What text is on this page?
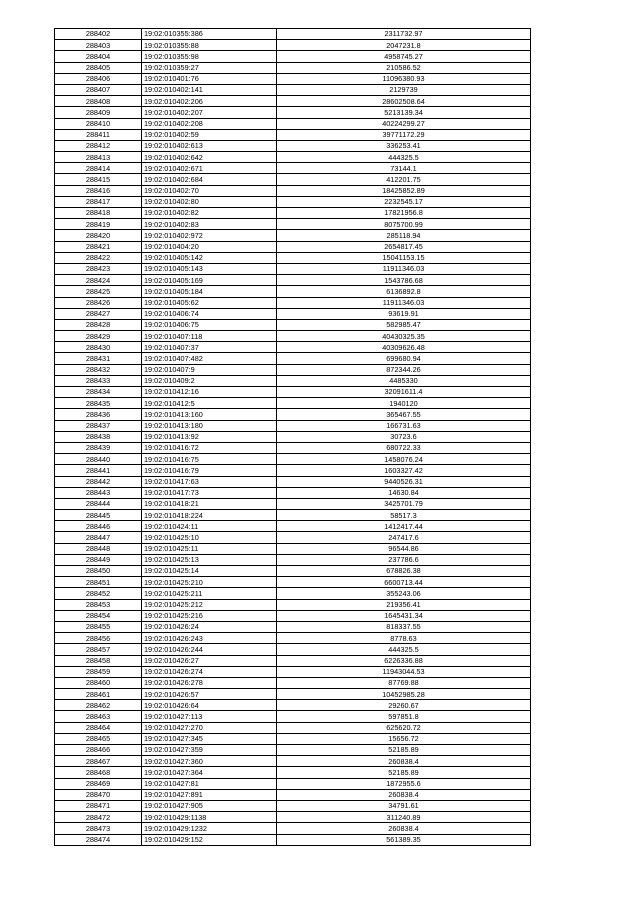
288402	19:02:010355:386	2311732.97
288403	19:02:010355:88	2047231.8
288404	19:02:010355:98	4958745.27
288405	19:02:010359:27	210586.52
288406	19:02:010401:76	11096380.93
288407	19:02:010402:141	2129739
288408	19:02:010402:206	28602508.64
288409	19:02:010402:207	5213139.34
288410	19:02:010402:208	40224299.27
288411	19:02:010402:59	39771172.29
288412	19:02:010402:613	336253.41
288413	19:02:010402:642	444325.5
288414	19:02:010402:671	73144.1
288415	19:02:010402:684	412201.75
288416	19:02:010402:70	18425852.89
288417	19:02:010402:80	2232545.17
288418	19:02:010402:82	17821956.8
288419	19:02:010402:83	8075700.99
288420	19:02:010402:972	285118.94
288421	19:02:010404:20	2654817.45
288422	19:02:010405:142	15041153.15
288423	19:02:010405:143	11911346.03
288424	19:02:010405:169	1543786.68
288425	19:02:010405:184	6136892.8
288426	19:02:010405:62	11911346.03
288427	19:02:010406:74	93619.91
288428	19:02:010406:75	582985.47
288429	19:02:010407:118	40430325.35
288430	19:02:010407:37	40309626.48
288431	19:02:010407:482	699680.94
288432	19:02:010407:9	872344.26
288433	19:02:010409:2	4485330
288434	19:02:010412:16	32091611.4
288435	19:02:010412:5	1940120
288436	19:02:010413:160	365467.55
288437	19:02:010413:180	166731.63
288438	19:02:010413:92	30723.6
288439	19:02:010416:72	680722.33
288440	19:02:010416:75	1458076.24
288441	19:02:010416:79	1603327.42
288442	19:02:010417:63	9440526.31
288443	19:02:010417:73	14630.84
288444	19:02:010418:21	3425701.79
288445	19:02:010418:224	58517.3
288446	19:02:010424:11	1412417.44
288447	19:02:010425:10	247417.6
288448	19:02:010425:11	96544.86
288449	19:02:010425:13	237786.6
288450	19:02:010425:14	678826.38
288451	19:02:010425:210	6600713.44
288452	19:02:010425:211	355243.06
288453	19:02:010425:212	219356.41
288454	19:02:010425:216	1645431.34
288455	19:02:010426:24	818337.55
288456	19:02:010426:243	8778.63
288457	19:02:010426:244	444325.5
288458	19:02:010426:27	6226336.88
288459	19:02:010426:274	11943044.53
288460	19:02:010426:278	87769.88
288461	19:02:010426:57	10452985.28
288462	19:02:010426:64	29260.67
288463	19:02:010427:113	597851.8
288464	19:02:010427:270	625620.72
288465	19:02:010427:345	15656.72
288466	19:02:010427:359	52185.89
288467	19:02:010427:360	260838.4
288468	19:02:010427:364	52185.89
288469	19:02:010427:81	1872955.6
288470	19:02:010427:891	260838.4
288471	19:02:010427:905	34791.61
288472	19:02:010429:1138	311240.89
288473	19:02:010429:1232	260838.4
288474	19:02:010429:152	561389.35
